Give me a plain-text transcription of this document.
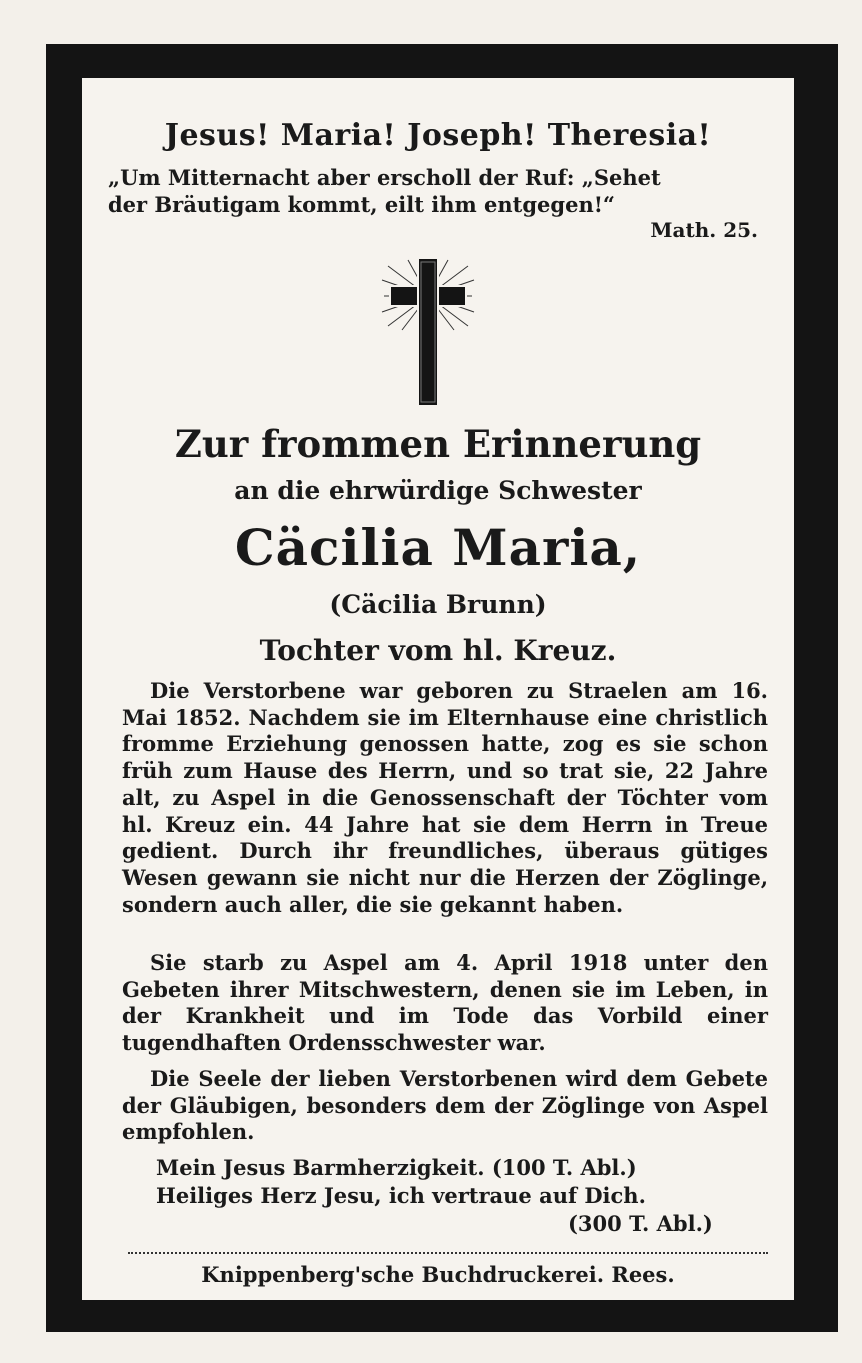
Jesus! Maria! Joseph! Theresia!
„Um Mitternacht aber erscholl der Ruf: „Sehet
der Bräutigam kommt, eilt ihm entgegen!“
Math. 25.
Zur frommen Erinnerung
an die ehrwürdige Schwester
Cäcilia Maria,
(Cäcilia Brunn)
Tochter vom hl. Kreuz.
Die Verstorbene war geboren zu Straelen am 16. Mai 1852. Nachdem sie im Elternhause eine christlich fromme Erziehung genossen hatte, zog es sie schon früh zum Hause des Herrn, und so trat sie, 22 Jahre alt, zu Aspel in die Genossenschaft der Töchter vom hl. Kreuz ein. 44 Jahre hat sie dem Herrn in Treue gedient. Durch ihr freundliches, überaus gütiges Wesen gewann sie nicht nur die Herzen der Zöglinge, sondern auch aller, die sie gekannt haben.
Sie starb zu Aspel am 4. April 1918 unter den Gebeten ihrer Mitschwestern, denen sie im Leben, in der Krankheit und im Tode das Vorbild einer tugendhaften Ordensschwester war.
Die Seele der lieben Verstorbenen wird dem Gebete der Gläubigen, besonders dem der Zöglinge von Aspel empfohlen.
Mein Jesus Barmherzigkeit. (100 T. Abl.)
Heiliges Herz Jesu, ich vertraue auf Dich.
(300 T. Abl.)
Knippenberg'sche Buchdruckerei. Rees.
